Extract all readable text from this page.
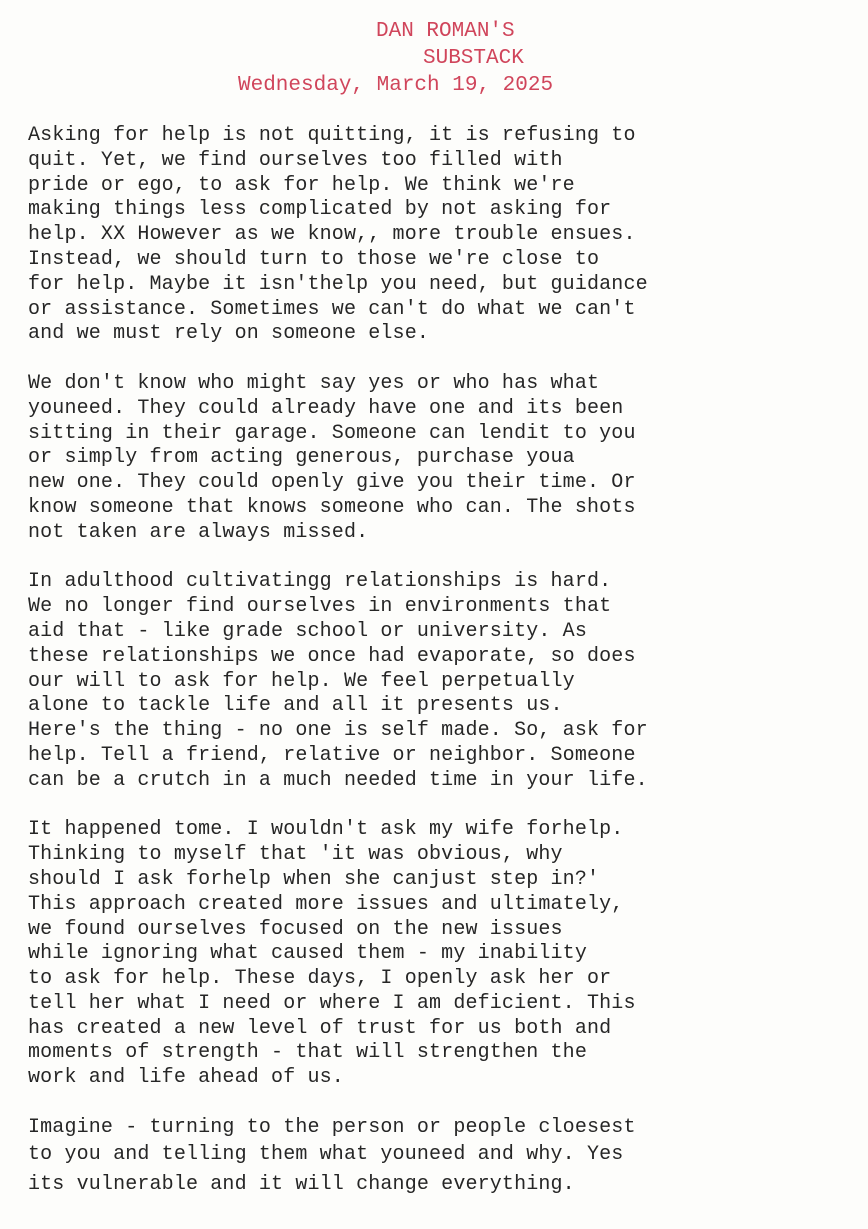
DAN ROMAN'S
SUBSTACK
Wednesday, March 19, 2025
Asking for help is not quitting, it is refusing to
quit. Yet, we find ourselves too filled with
pride or ego, to ask for help. We think we're
making things less complicated by not asking for
help. XX However as we know,, more trouble ensues.
Instead, we should turn to those we're close to
for help. Maybe it isn'thelp you need, but guidance
or assistance. Sometimes we can't do what we can't
and we must rely on someone else.
We don't know who might say yes or who has what
youneed. They could already have one and its been
sitting in their garage. Someone can lendit to you
or simply from acting generous, purchase youa
new one. They could openly give you their time. Or
know someone that knows someone who can. The shots
not taken are always missed.
In adulthood cultivatingg relationships is hard.
We no longer find ourselves in environments that
aid that - like grade school or university. As
these relationships we once had evaporate, so does
our will to ask for help. We feel perpetually
alone to tackle life and all it presents us.
Here's the thing - no one is self made. So, ask for
help. Tell a friend, relative or neighbor. Someone
can be a crutch in a much needed time in your life.
It happened tome. I wouldn't ask my wife forhelp.
Thinking to myself that 'it was obvious, why
should I ask forhelp when she canjust step in?'
This approach created more issues and ultimately,
we found ourselves focused on the new issues
while ignoring what caused them - my inability
to ask for help. These days, I openly ask her or
tell her what I need or where I am deficient. This
has created a new level of trust for us both and
moments of strength - that will strengthen the
work and life ahead of us.
Imagine - turning to the person or people cloesest
to you and telling them what youneed and why. Yes
its vulnerable and it will change everything.
